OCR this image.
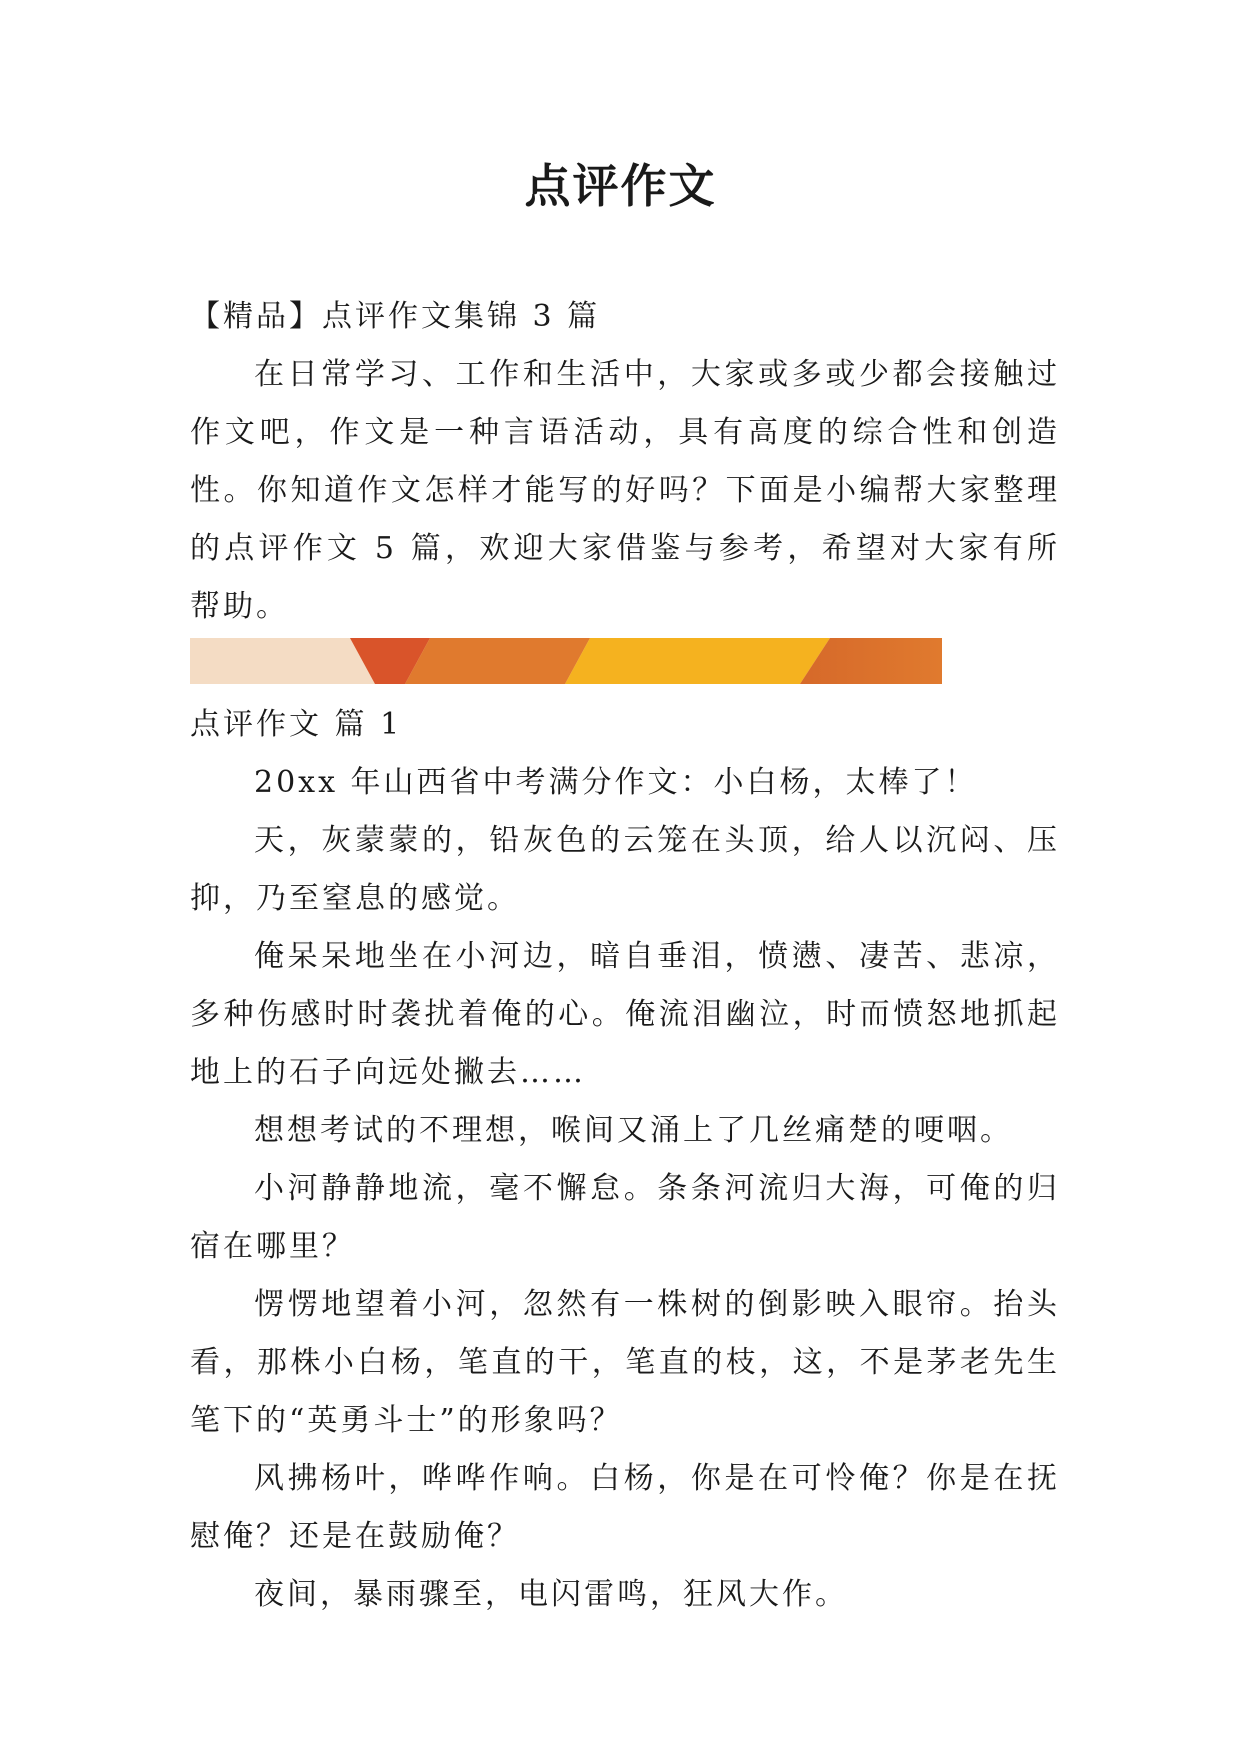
点评作文

【精品】点评作文集锦 3 篇

在日常学习、工作和生活中，大家或多或少都会接触过作文吧，作文是一种言语活动，具有高度的综合性和创造性。你知道作文怎样才能写的好吗？下面是小编帮大家整理的点评作文 5 篇，欢迎大家借鉴与参考，希望对大家有所帮助。

点评作文 篇 1

20xx 年山西省中考满分作文：小白杨，太棒了！

天，灰蒙蒙的，铅灰色的云笼在头顶，给人以沉闷、压抑，乃至窒息的感觉。

俺呆呆地坐在小河边，暗自垂泪，愤懑、凄苦、悲凉，多种伤感时时袭扰着俺的心。俺流泪幽泣，时而愤怒地抓起地上的石子向远处撇去……

想想考试的不理想，喉间又涌上了几丝痛楚的哽咽。

小河静静地流，毫不懈怠。条条河流归大海，可俺的归宿在哪里？

愣愣地望着小河，忽然有一株树的倒影映入眼帘。抬头看，那株小白杨，笔直的干，笔直的枝，这，不是茅老先生笔下的“英勇斗士”的形象吗？

风拂杨叶，哗哗作响。白杨，你是在可怜俺？你是在抚慰俺？还是在鼓励俺？

夜间，暴雨骤至，电闪雷鸣，狂风大作。
